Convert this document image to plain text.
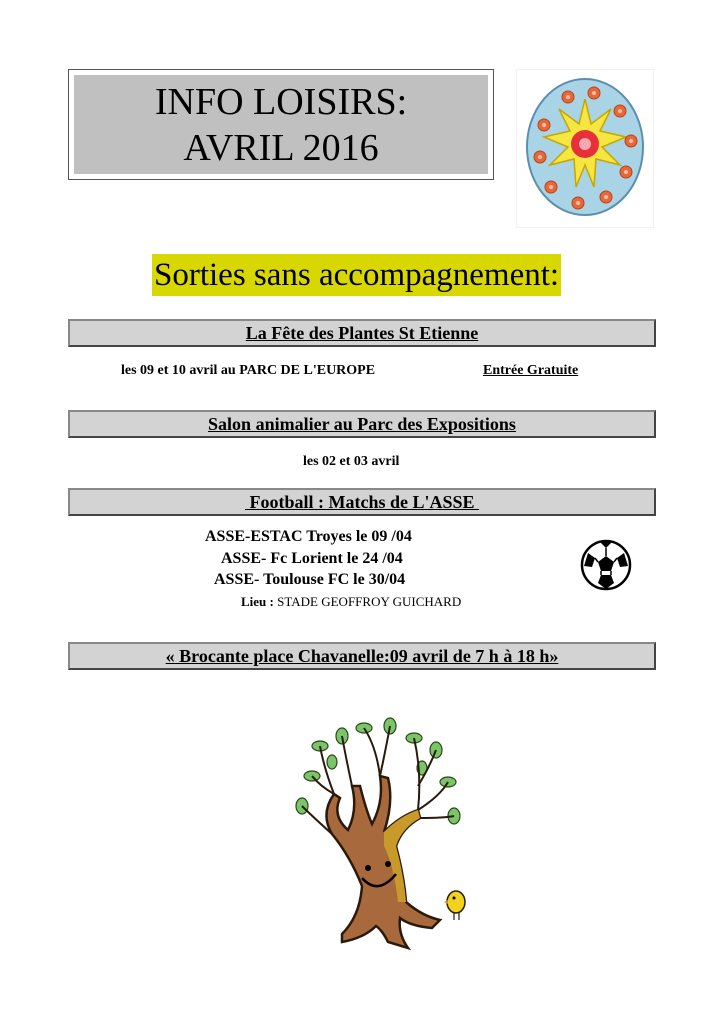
INFO LOISIRS:
AVRIL 2016
Sorties sans accompagnement:
La Fête des Plantes St Etienne
les 09 et 10 avril au PARC DE L'EUROPE	Entrée Gratuite
Salon animalier au Parc des Expositions
les 02 et 03 avril
Football : Matchs de L'ASSE
ASSE-ESTAC Troyes le 09 /04
ASSE- Fc Lorient le 24 /04
ASSE- Toulouse FC le 30/04
Lieu : STADE GEOFFROY GUICHARD
« Brocante place Chavanelle:09 avril de 7 h à 18 h»
